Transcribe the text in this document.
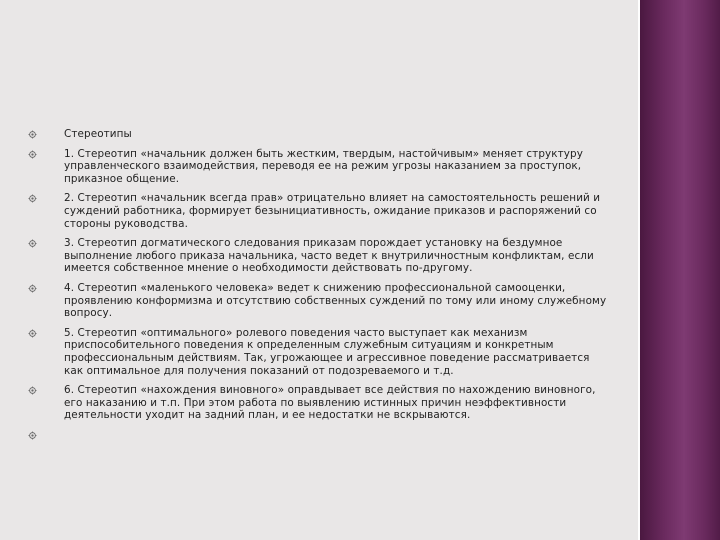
Стереотипы
1. Стереотип «начальник должен быть жестким, твердым, настойчивым» меняет структуру управленческого взаимодействия, переводя ее на режим угрозы наказанием за проступок, приказное общение.
2. Стереотип «начальник всегда прав» отрицательно влияет на самостоятельность решений и суждений работника, формирует безынициативность, ожидание приказов и распоряжений со стороны руководства.
3. Стереотип догматического следования приказам порождает установку на бездумное выполнение любого приказа начальника, часто ведет к внутриличностным конфликтам, если имеется собственное мнение о необходимости действовать по-другому.
4. Стереотип «маленького человека» ведет к снижению профессиональной самооценки, проявлению конформизма и отсутствию собственных суждений по тому или иному служебному вопросу.
5. Стереотип «оптимального» ролевого поведения часто выступает как механизм приспособительного поведения к определенным служебным ситуациям и конкретным профессиональным действиям. Так, угрожающее и агрессивное поведение рассматривается как оптимальное для получения показаний от подозреваемого и т.д.
6. Стереотип «нахождения виновного» оправдывает все действия по нахождению виновного, его наказанию и т.п. При этом работа по выявлению истинных причин неэффективности деятельности уходит на задний план, и ее недостатки не вскрываются.
